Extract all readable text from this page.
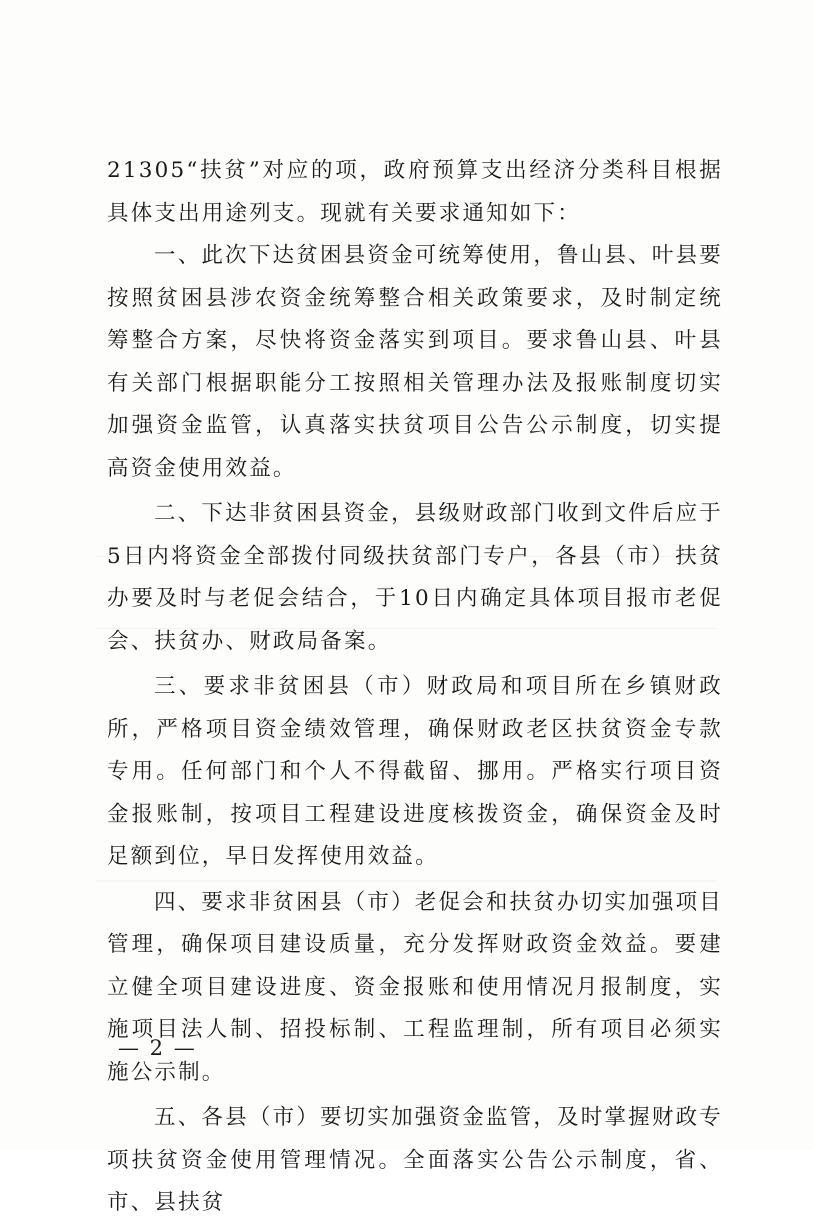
21305“扶贫”对应的项，政府预算支出经济分类科目根据具体支出用途列支。现就有关要求通知如下：

一、此次下达贫困县资金可统筹使用，鲁山县、叶县要按照贫困县涉农资金统筹整合相关政策要求，及时制定统筹整合方案，尽快将资金落实到项目。要求鲁山县、叶县有关部门根据职能分工按照相关管理办法及报账制度切实加强资金监管，认真落实扶贫项目公告公示制度，切实提高资金使用效益。

二、下达非贫困县资金，县级财政部门收到文件后应于5日内将资金全部拨付同级扶贫部门专户，各县（市）扶贫办要及时与老促会结合，于10日内确定具体项目报市老促会、扶贫办、财政局备案。

三、要求非贫困县（市）财政局和项目所在乡镇财政所，严格项目资金绩效管理，确保财政老区扶贫资金专款专用。任何部门和个人不得截留、挪用。严格实行项目资金报账制，按项目工程建设进度核拨资金，确保资金及时足额到位，早日发挥使用效益。

四、要求非贫困县（市）老促会和扶贫办切实加强项目管理，确保项目建设质量，充分发挥财政资金效益。要建立健全项目建设进度、资金报账和使用情况月报制度，实施项目法人制、招投标制、工程监理制，所有项目必须实施公示制。

五、各县（市）要切实加强资金监管，及时掌握财政专项扶贫资金使用管理情况。全面落实公告公示制度，省、市、县扶贫

— 2 —
